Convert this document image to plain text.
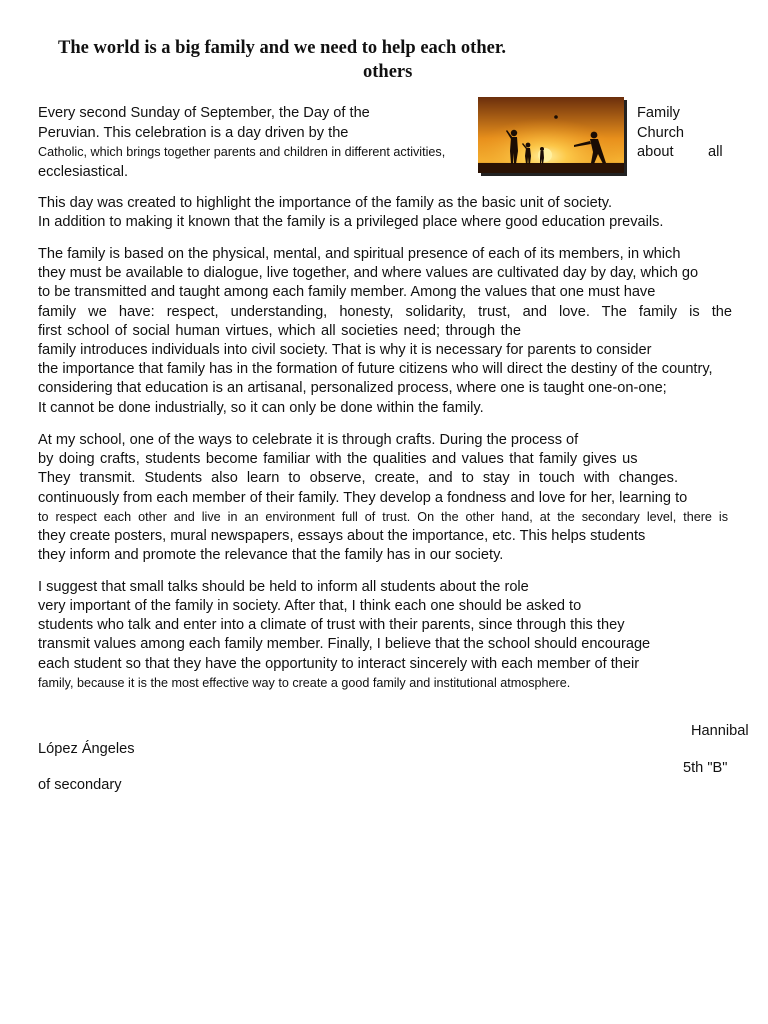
The world is a big family and we need to help each other.
others
Every second Sunday of September, the Day of the
Peruvian. This celebration is a day driven by the
Catholic, which brings together parents and children in different activities,
ecclesiastical.
Family
Church
about all
This day was created to highlight the importance of the family as the basic unit of society.
In addition to making it known that the family is a privileged place where good education prevails.
The family is based on the physical, mental, and spiritual presence of each of its members, in which
they must be available to dialogue, live together, and where values are cultivated day by day, which go
to be transmitted and taught among each family member. Among the values that one must have
family we have: respect, understanding, honesty, solidarity, trust, and love. The family is the
first school of social human virtues, which all societies need; through the
family introduces individuals into civil society. That is why it is necessary for parents to consider
the importance that family has in the formation of future citizens who will direct the destiny of the country,
considering that education is an artisanal, personalized process, where one is taught one-on-one;
It cannot be done industrially, so it can only be done within the family.
At my school, one of the ways to celebrate it is through crafts. During the process of
by doing crafts, students become familiar with the qualities and values that family gives us
They transmit. Students also learn to observe, create, and to stay in touch with changes.
continuously from each member of their family. They develop a fondness and love for her, learning to
to respect each other and live in an environment full of trust. On the other hand, at the secondary level, there is
they create posters, mural newspapers, essays about the importance, etc. This helps students
they inform and promote the relevance that the family has in our society.
I suggest that small talks should be held to inform all students about the role
very important of the family in society. After that, I think each one should be asked to
students who talk and enter into a climate of trust with their parents, since through this they
transmit values among each family member. Finally, I believe that the school should encourage
each student so that they have the opportunity to interact sincerely with each member of their
family, because it is the most effective way to create a good family and institutional atmosphere.
Hannibal
López Ángeles
5th "B"
of secondary
